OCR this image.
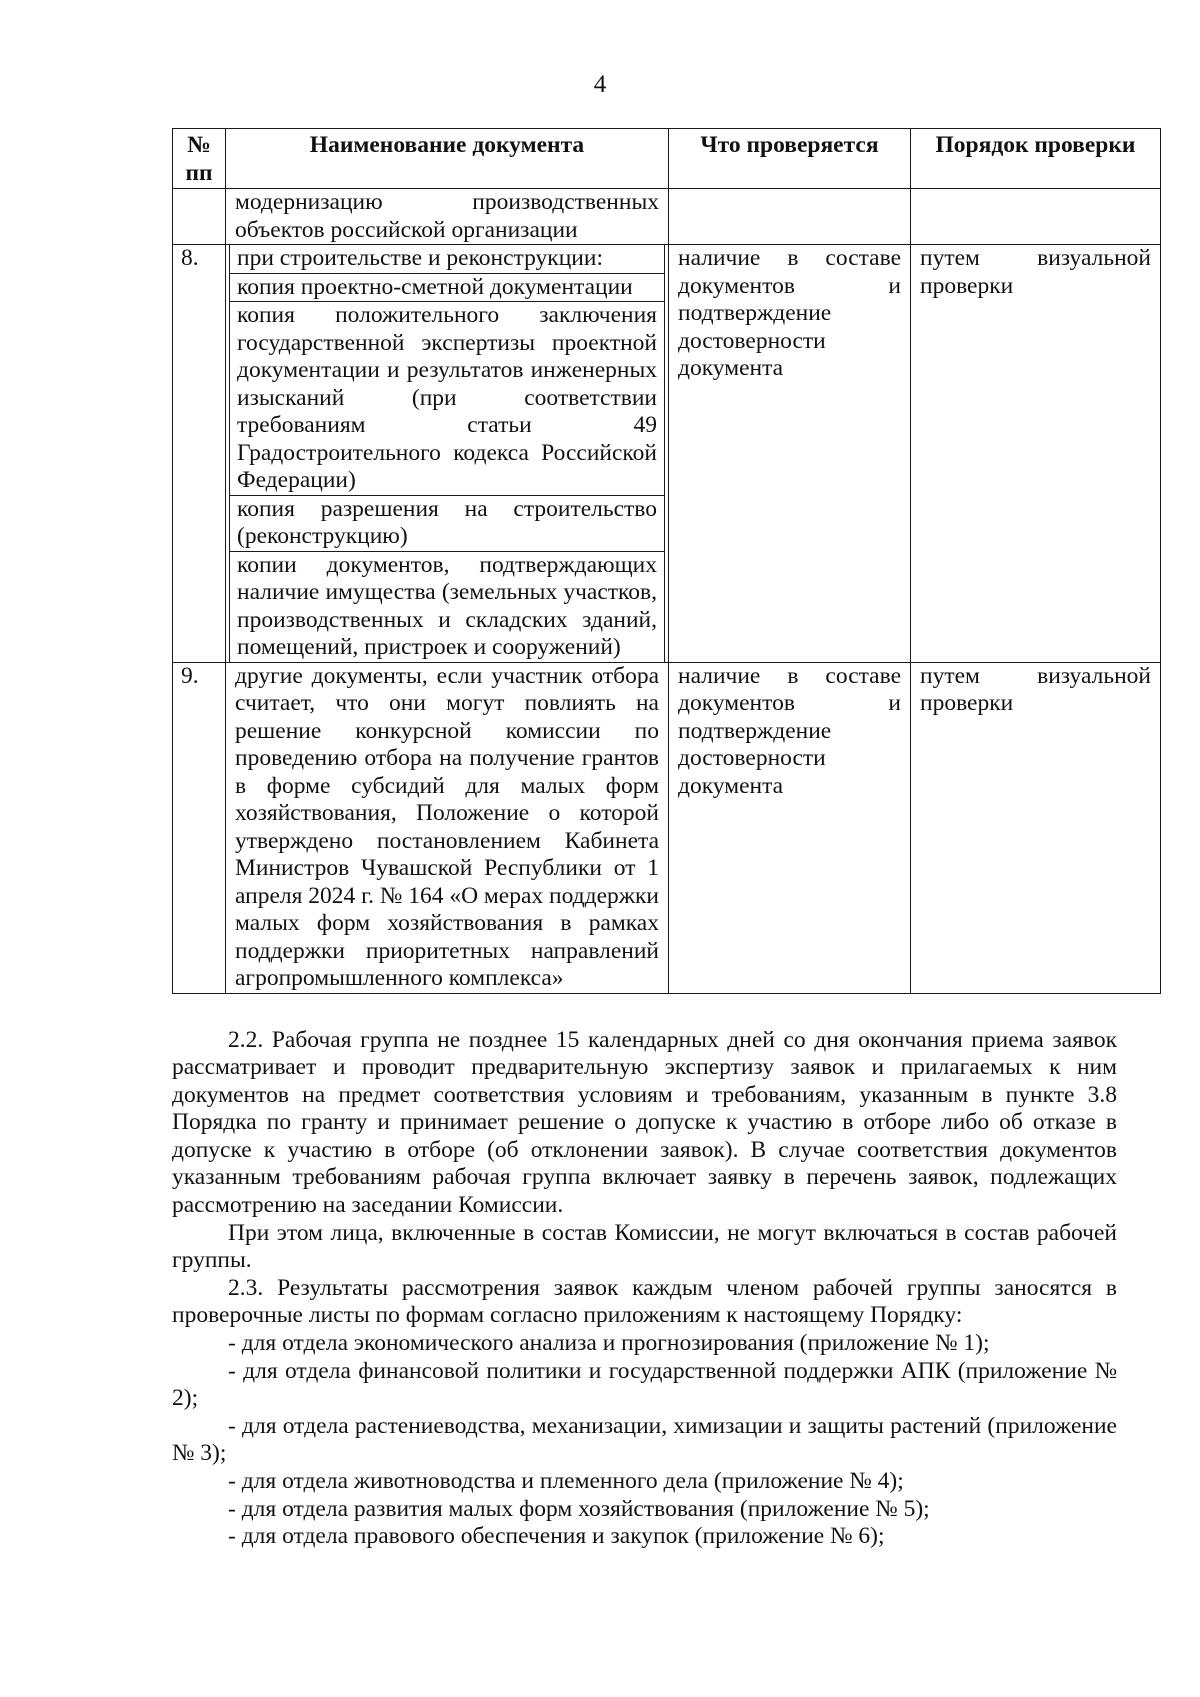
4
№
пп	Наименование документа	Что проверяется	Порядок проверки
	модернизацию производственных объектов российской организации		
8.	при строительстве и реконструкции:
копия проектно-сметной документации
копия положительного заключения государственной экспертизы проектной документации и результатов инженерных изысканий (при соответствии требованиям статьи 49 Градостроительного кодекса Российской Федерации)
копия разрешения на строительство (реконструкцию)
копии документов, подтверждающих наличие имущества (земельных участков, производственных и складских зданий, помещений, пристроек и сооружений)	наличие в составе документов и подтверждение достоверности документа	путем визуальной проверки
9.	другие документы, если участник отбора считает, что они могут повлиять на решение конкурсной комиссии по проведению отбора на получение грантов в форме субсидий для малых форм хозяйствования, Положение о которой утверждено постановлением Кабинета Министров Чувашской Республики от 1 апреля 2024 г. № 164 «О мерах поддержки малых форм хозяйствования в рамках поддержки приоритетных направлений агропромышленного комплекса»	наличие в составе документов и подтверждение достоверности документа	путем визуальной проверки

2.2. Рабочая группа не позднее 15 календарных дней со дня окончания приема заявок рассматривает и проводит предварительную экспертизу заявок и прилагаемых к ним документов на предмет соответствия условиям и требованиям, указанным в пункте 3.8 Порядка по гранту и принимает решение о допуске к участию в отборе либо об отказе в допуске к участию в отборе (об отклонении заявок). В случае соответствия документов указанным требованиям рабочая группа включает заявку в перечень заявок, подлежащих рассмотрению на заседании Комиссии.

При этом лица, включенные в состав Комиссии, не могут включаться в состав рабочей группы.

2.3. Результаты рассмотрения заявок каждым членом рабочей группы заносятся в проверочные листы по формам согласно приложениям к настоящему Порядку:

- для отдела экономического анализа и прогнозирования (приложение № 1);

- для отдела финансовой политики и государственной поддержки АПК (приложение № 2);

- для отдела растениеводства, механизации, химизации и защиты растений (приложение № 3);

- для отдела животноводства и племенного дела (приложение № 4);

- для отдела развития малых форм хозяйствования (приложение № 5);

- для отдела правового обеспечения и закупок (приложение № 6);
